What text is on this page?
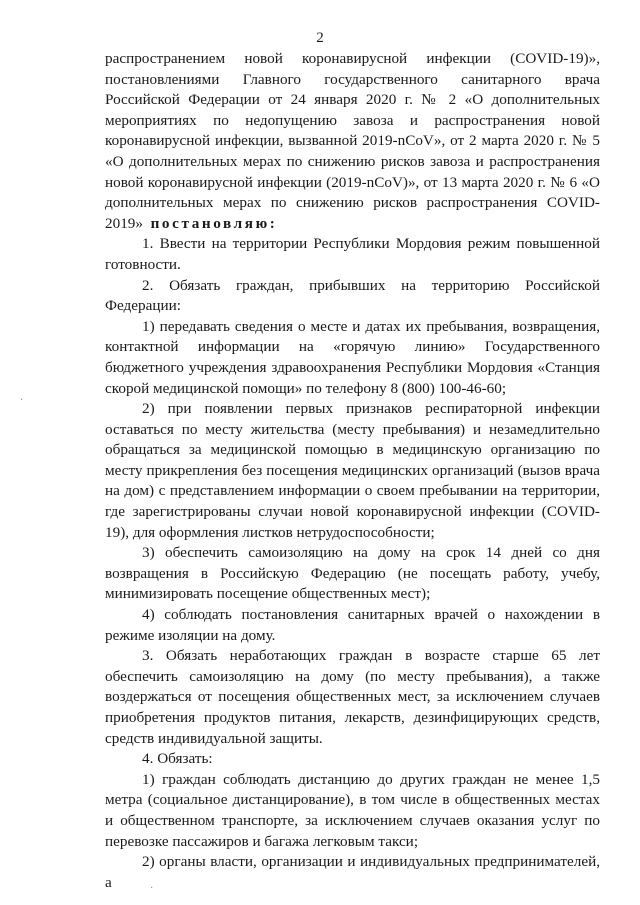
2

распространением новой коронавирусной инфекции (COVID-19)», постановлениями Главного государственного санитарного врача Российской Федерации от 24 января 2020 г. № 2 «О дополнительных мероприятиях по недопущению завоза и распространения новой коронавирусной инфекции, вызванной 2019-nCoV», от 2 марта 2020 г. № 5 «О дополнительных мерах по снижению рисков завоза и распространения новой коронавирусной инфекции (2019-nCoV)», от 13 марта 2020 г. № 6 «О дополнительных мерах по снижению рисков распространения COVID-2019» постановляю:

1. Ввести на территории Республики Мордовия режим повышенной готовности.

2. Обязать граждан, прибывших на территорию Российской Федерации:

1) передавать сведения о месте и датах их пребывания, возвращения, контактной информации на «горячую линию» Государственного бюджетного учреждения здравоохранения Республики Мордовия «Станция скорой медицинской помощи» по телефону 8 (800) 100-46-60;

2) при появлении первых признаков респираторной инфекции оставаться по месту жительства (месту пребывания) и незамедлительно обращаться за медицинской помощью в медицинскую организацию по месту прикрепления без посещения медицинских организаций (вызов врача на дом) с представлением информации о своем пребывании на территории, где зарегистрированы случаи новой коронавирусной инфекции (COVID-19), для оформления листков нетрудоспособности;

3) обеспечить самоизоляцию на дому на срок 14 дней со дня возвращения в Российскую Федерацию (не посещать работу, учебу, минимизировать посещение общественных мест);

4) соблюдать постановления санитарных врачей о нахождении в режиме изоляции на дому.

3. Обязать неработающих граждан в возрасте старше 65 лет обеспечить самоизоляцию на дому (по месту пребывания), а также воздержаться от посещения общественных мест, за исключением случаев приобретения продуктов питания, лекарств, дезинфицирующих средств, средств индивидуальной защиты.

4. Обязать:

1) граждан соблюдать дистанцию до других граждан не менее 1,5 метра (социальное дистанцирование), в том числе в общественных местах и общественном транспорте, за исключением случаев оказания услуг по перевозке пассажиров и багажа легковым такси;

2) органы власти, организации и индивидуальных предпринимателей, а	·
·
